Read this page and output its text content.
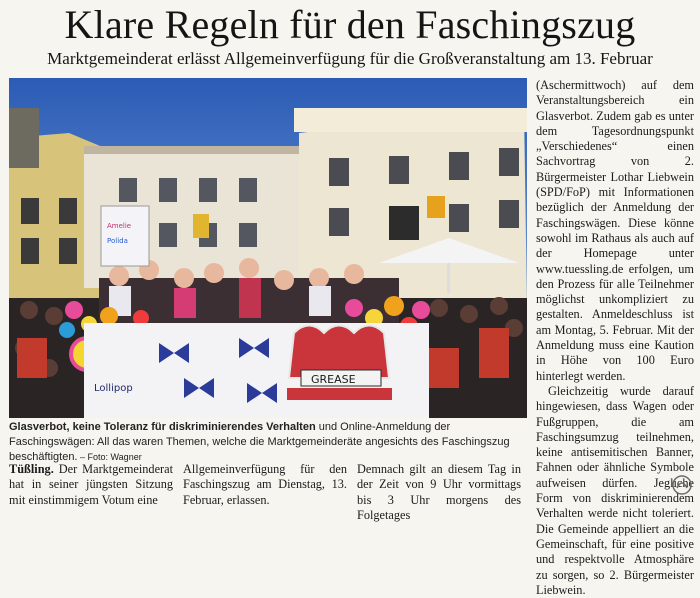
Klare Regeln für den Faschingszug
Marktgemeinderat erlässt Allgemeinverfügung für die Großveranstaltung am 13. Februar
Amelie
Polida
Lollipop
GREASE
Glasverbot, keine Toleranz für diskriminierendes Verhalten und Online-Anmeldung der Faschingswägen: All das waren Themen, welche die Marktgemeinderäte angesichts des Faschingszug beschäftigten. – Foto: Wagner

(Aschermittwoch) auf dem Veranstaltungsbereich ein Glasverbot. Zudem gab es unter dem Tagesordnungspunkt „Verschiedenes“ einen Sachvortrag von 2. Bürgermeister Lothar Liebwein (SPD/FoP) mit Informationen bezüglich der Anmeldung der Faschingswägen. Diese könne sowohl im Rathaus als auch auf der Homepage unter www.tuessling.de erfolgen, um den Prozess für alle Teilnehmer möglichst unkompliziert zu gestalten. Anmeldeschluss ist am Montag, 5. Februar. Mit der Anmeldung muss eine Kaution in Höhe von 100 Euro hinterlegt werden.

Gleichzeitig wurde darauf hingewiesen, dass Wagen oder Fußgruppen, die am Faschingsumzug teilnehmen, keine antisemitischen Banner, Fahnen oder ähnliche Symbole aufweisen dürfen. Jegliche Form von diskriminierendem Verhalten werde nicht toleriert. Die Gemeinde appelliert an die Gemeinschaft, für eine positive und respektvolle Atmosphäre zu sorgen, so 2. Bürgermeister Liebwein.

Tüßling. Der Marktgemeinderat hat in seiner jüngsten Sitzung mit einstimmigem Votum eine
Allgemeinverfügung für den Faschingszug am Dienstag, 13. Februar, erlassen.
Demnach gilt an diesem Tag in der Zeit von 9 Uhr vormittags bis 3 Uhr morgens des Folgetages
